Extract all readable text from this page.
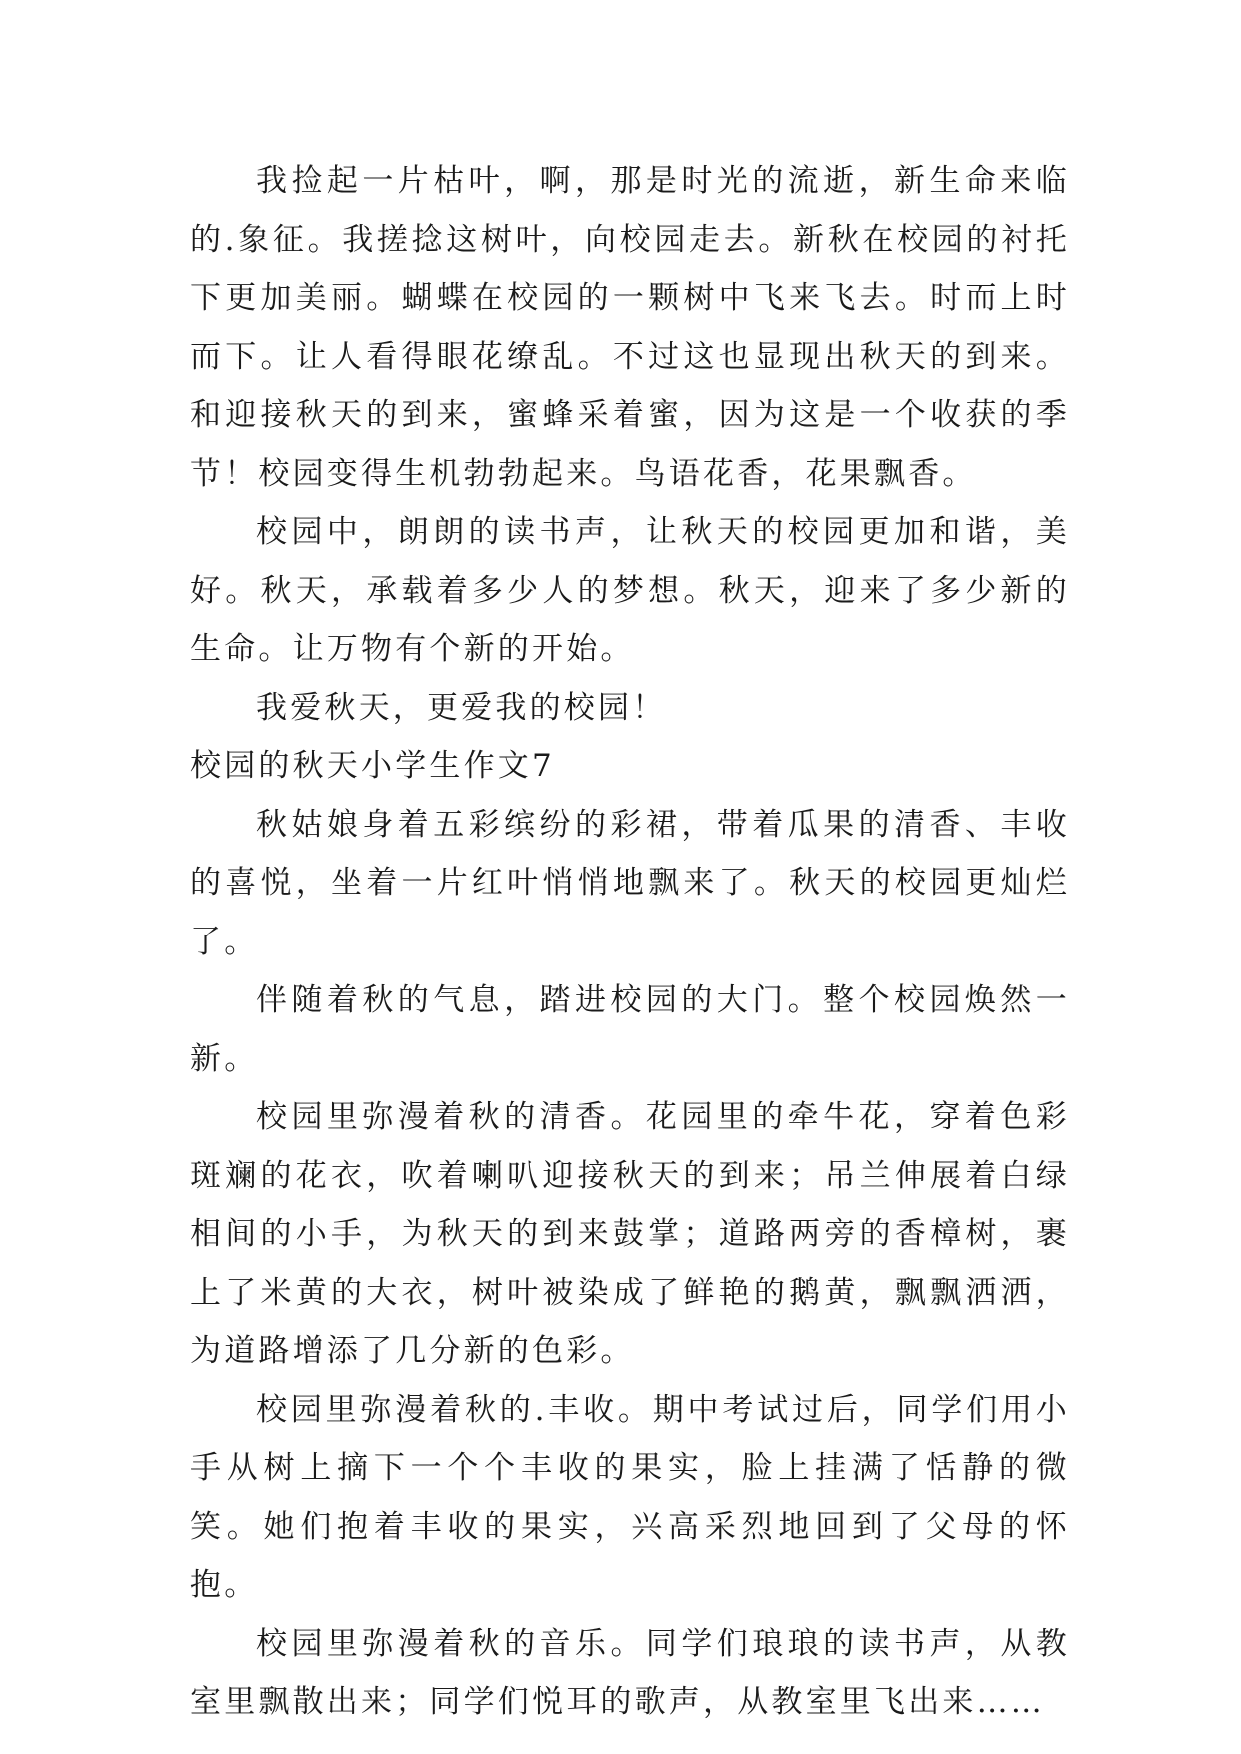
我捡起一片枯叶，啊，那是时光的流逝，新生命来临的.象征。我搓捻这树叶，向校园走去。新秋在校园的衬托下更加美丽。蝴蝶在校园的一颗树中飞来飞去。时而上时而下。让人看得眼花缭乱。不过这也显现出秋天的到来。和迎接秋天的到来，蜜蜂采着蜜，因为这是一个收获的季节！校园变得生机勃勃起来。鸟语花香，花果飘香。

校园中，朗朗的读书声，让秋天的校园更加和谐，美好。秋天，承载着多少人的梦想。秋天，迎来了多少新的生命。让万物有个新的开始。

我爱秋天，更爱我的校园！

校园的秋天小学生作文7

秋姑娘身着五彩缤纷的彩裙，带着瓜果的清香、丰收的喜悦，坐着一片红叶悄悄地飘来了。秋天的校园更灿烂了。

伴随着秋的气息，踏进校园的大门。整个校园焕然一新。

校园里弥漫着秋的清香。花园里的牵牛花，穿着色彩斑斓的花衣，吹着喇叭迎接秋天的到来；吊兰伸展着白绿相间的小手，为秋天的到来鼓掌；道路两旁的香樟树，裹上了米黄的大衣，树叶被染成了鲜艳的鹅黄，飘飘洒洒，为道路增添了几分新的色彩。

校园里弥漫着秋的.丰收。期中考试过后，同学们用小手从树上摘下一个个丰收的果实，脸上挂满了恬静的微笑。她们抱着丰收的果实，兴高采烈地回到了父母的怀抱。

校园里弥漫着秋的音乐。同学们琅琅的读书声，从教室里飘散出来；同学们悦耳的歌声，从教室里飞出来……
